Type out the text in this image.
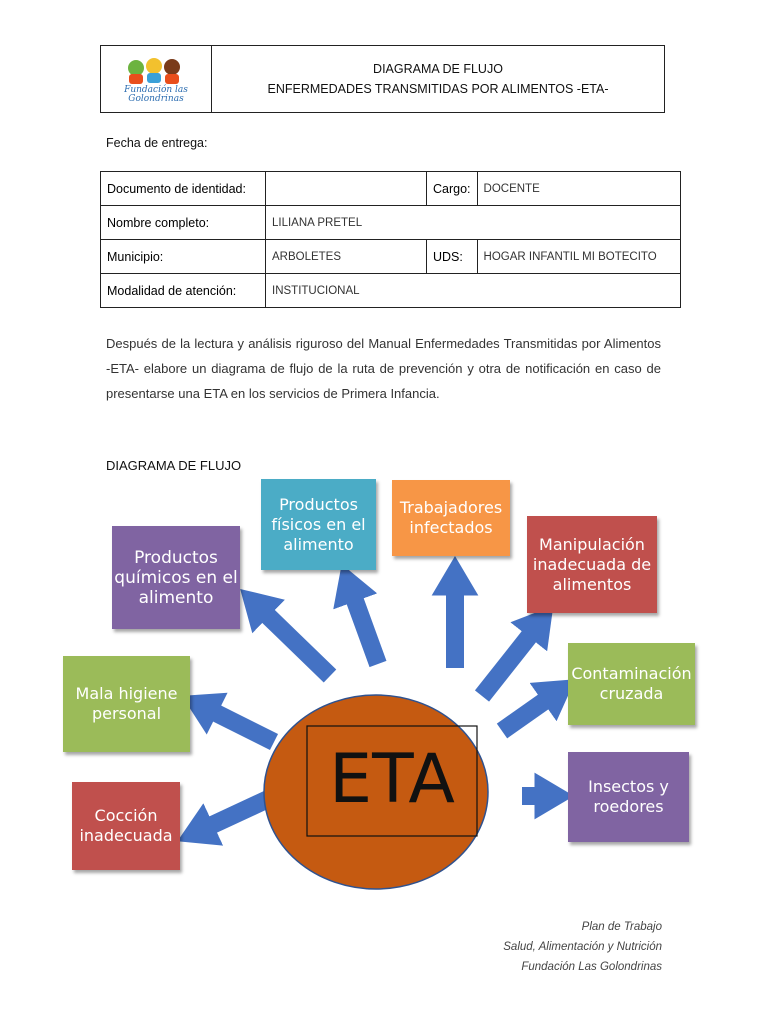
Fundación las
Golondrinas

DIAGRAMA DE FLUJO
ENFERMEDADES TRANSMITIDAS POR ALIMENTOS -ETA-
Fecha de entrega:
Documento de identidad:		Cargo:	DOCENTE
Nombre completo:	LILIANA PRETEL		
Municipio:	ARBOLETES	UDS:	HOGAR INFANTIL MI BOTECITO
Modalidad de atención:	INSTITUCIONAL		
Después de la lectura y análisis riguroso del Manual Enfermedades Transmitidas por Alimentos -ETA- elabore un diagrama de flujo de la ruta de prevención y otra de notificación en caso de presentarse una ETA en los servicios de Primera Infancia.
DIAGRAMA DE FLUJO
ETA
Productos químicos en el alimento
Productos físicos en el alimento
Trabajadores infectados
Manipulación inadecuada de alimentos
Mala higiene personal
Contaminación cruzada
Cocción inadecuada
Insectos y roedores
Plan de Trabajo
Salud, Alimentación y Nutrición
Fundación Las Golondrinas
